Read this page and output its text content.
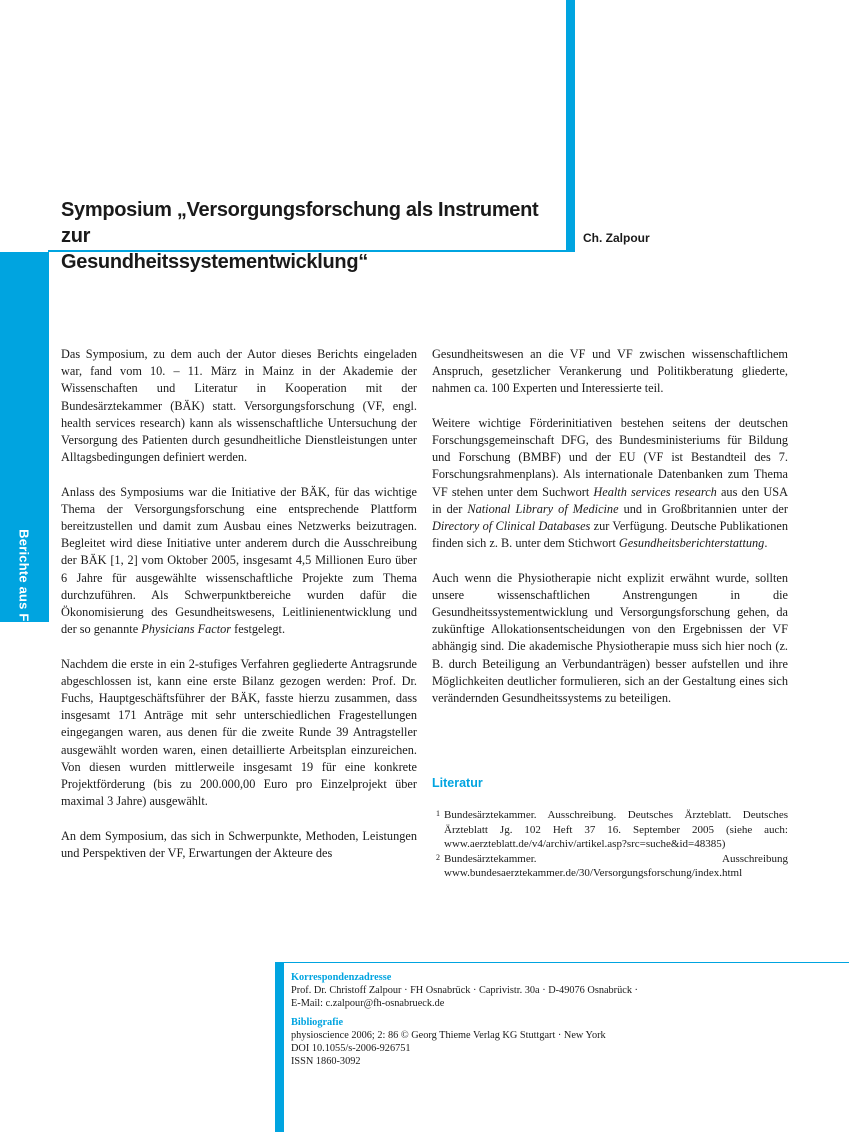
Berichte aus Forschung und Lehre
86
Symposium „Versorgungsforschung als Instrument zur
Gesundheitssystementwicklung“
Ch. Zalpour

Das Symposium, zu dem auch der Autor dieses Berichts eingeladen war, fand vom 10. – 11. März in Mainz in der Akademie der Wissenschaften und Literatur in Kooperation mit der Bundesärztekammer (BÄK) statt. Versorgungsforschung (VF, engl. health services research) kann als wissenschaftliche Untersuchung der Versorgung des Patienten durch gesundheitliche Dienstleistungen unter Alltagsbedingungen definiert werden.

Anlass des Symposiums war die Initiative der BÄK, für das wichtige Thema der Versorgungsforschung eine entsprechende Plattform bereitzustellen und damit zum Ausbau eines Netzwerks beizutragen. Begleitet wird diese Initiative unter anderem durch die Ausschreibung der BÄK [1, 2] vom Oktober 2005, insgesamt 4,5 Millionen Euro über 6 Jahre für ausgewählte wissenschaftliche Projekte zum Thema durchzuführen. Als Schwerpunktbereiche wurden dafür die Ökonomisierung des Gesundheitswesens, Leitlinienentwicklung und der so genannte Physicians Factor festgelegt.

Nachdem die erste in ein 2-stufiges Verfahren gegliederte Antragsrunde abgeschlossen ist, kann eine erste Bilanz gezogen werden: Prof. Dr. Fuchs, Hauptgeschäftsführer der BÄK, fasste hierzu zusammen, dass insgesamt 171 Anträge mit sehr unterschiedlichen Fragestellungen eingegangen waren, aus denen für die zweite Runde 39 Antragsteller ausgewählt worden waren, einen detaillierte Arbeitsplan einzureichen. Von diesen wurden mittlerweile insgesamt 19 für eine konkrete Projektförderung (bis zu 200.000,00 Euro pro Einzelprojekt über maximal 3 Jahre) ausgewählt.

An dem Symposium, das sich in Schwerpunkte, Methoden, Leistungen und Perspektiven der VF, Erwartungen der Akteure des

Gesundheitswesen an die VF und VF zwischen wissenschaftlichem Anspruch, gesetzlicher Verankerung und Politikberatung gliederte, nahmen ca. 100 Experten und Interessierte teil.

Weitere wichtige Förderinitiativen bestehen seitens der deutschen Forschungsgemeinschaft DFG, des Bundesministeriums für Bildung und Forschung (BMBF) und der EU (VF ist Bestandteil des 7. Forschungsrahmenplans). Als internationale Datenbanken zum Thema VF stehen unter dem Suchwort Health services research aus den USA in der National Library of Medicine und in Großbritannien unter der Directory of Clinical Databases zur Verfügung. Deutsche Publikationen finden sich z. B. unter dem Stichwort Gesundheitsberichterstattung.

Auch wenn die Physiotherapie nicht explizit erwähnt wurde, sollten unsere wissenschaftlichen Anstrengungen in die Gesundheitssystementwicklung und Versorgungsforschung gehen, da zukünftige Allokationsentscheidungen von den Ergebnissen der VF abhängig sind. Die akademische Physiotherapie muss sich hier noch (z. B. durch Beteiligung an Verbundanträgen) besser aufstellen und ihre Möglichkeiten deutlicher formulieren, sich an der Gestaltung eines sich verändernden Gesundheitssystems zu beteiligen.

Literatur
1 Bundesärztekammer. Ausschreibung. Deutsches Ärzteblatt. Deutsches Ärzteblatt Jg. 102 Heft 37 16. September 2005 (siehe auch: www.aerzteblatt.de/v4/archiv/artikel.asp?src=suche&id=48385)
2 Bundesärztekammer. Ausschreibung www.bundesaerztekammer.de/30/Versorgungsforschung/index.html
Korrespondenzadresse
Prof. Dr. Christoff Zalpour · FH Osnabrück · Caprivistr. 30a · D-49076 Osnabrück ·
E-Mail: c.zalpour@fh-osnabrueck.de
Bibliografie
physioscience 2006; 2: 86 © Georg Thieme Verlag KG Stuttgart · New York
DOI 10.1055/s-2006-926751
ISSN 1860-3092
